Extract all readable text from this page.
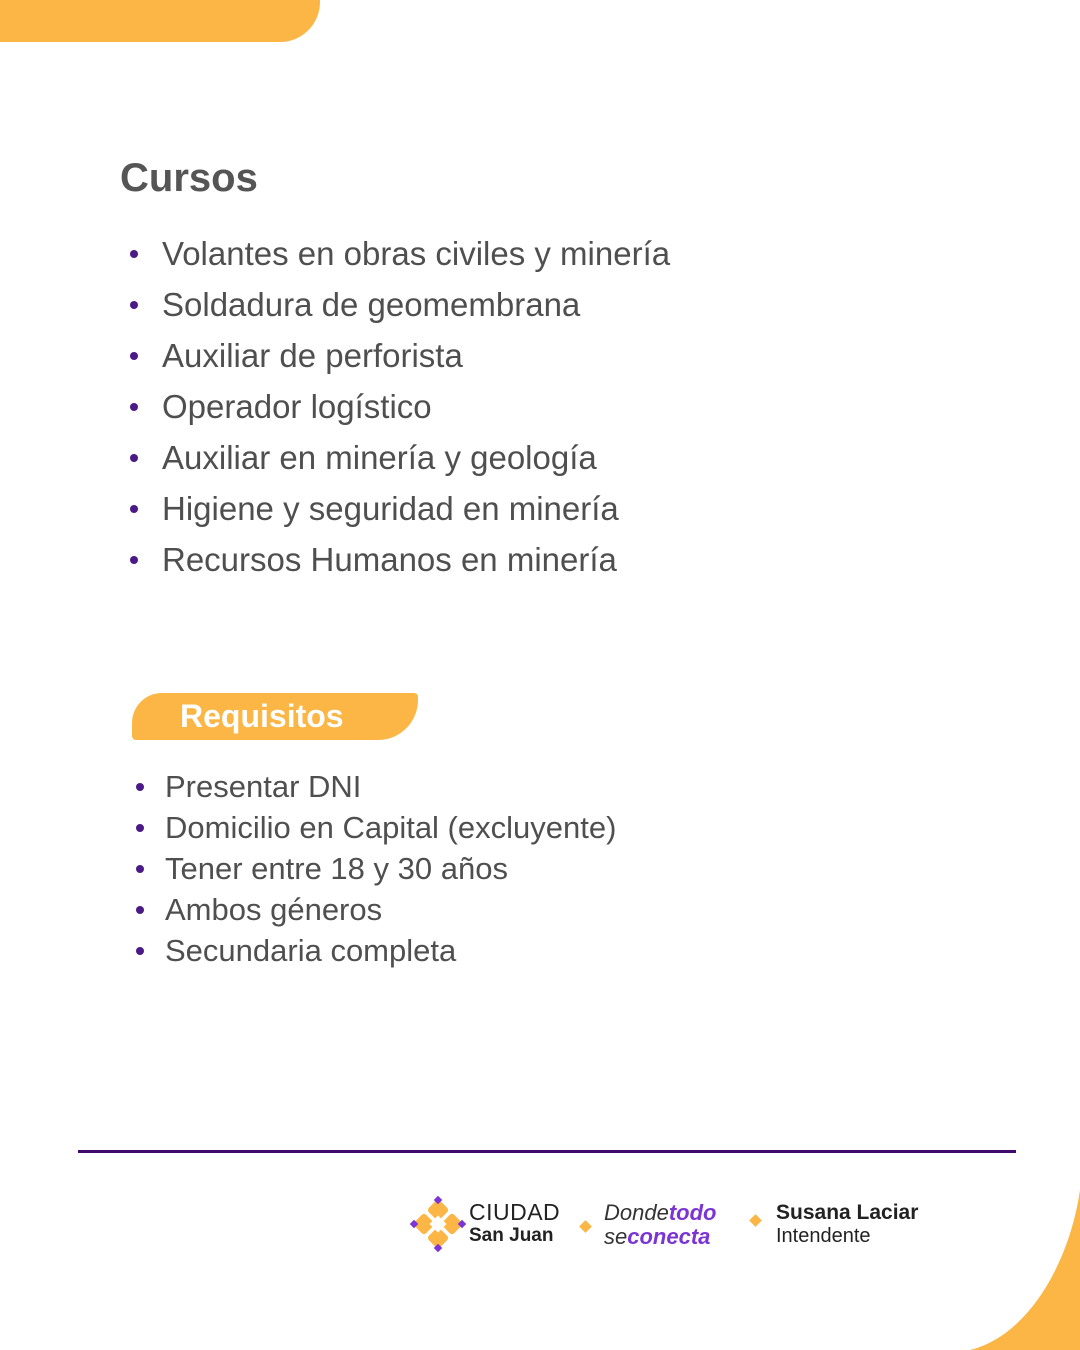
Cursos
Volantes en obras civiles y minería
Soldadura de geomembrana
Auxiliar de perforista
Operador logístico
Auxiliar en minería y geología
Higiene y seguridad en minería
Recursos Humanos en minería
Requisitos
Presentar DNI
Domicilio en Capital (excluyente)
Tener entre 18 y 30 años
Ambos géneros
Secundaria completa
CIUDAD
San Juan
Dondetodo
seconecta
Susana Laciar
Intendente
